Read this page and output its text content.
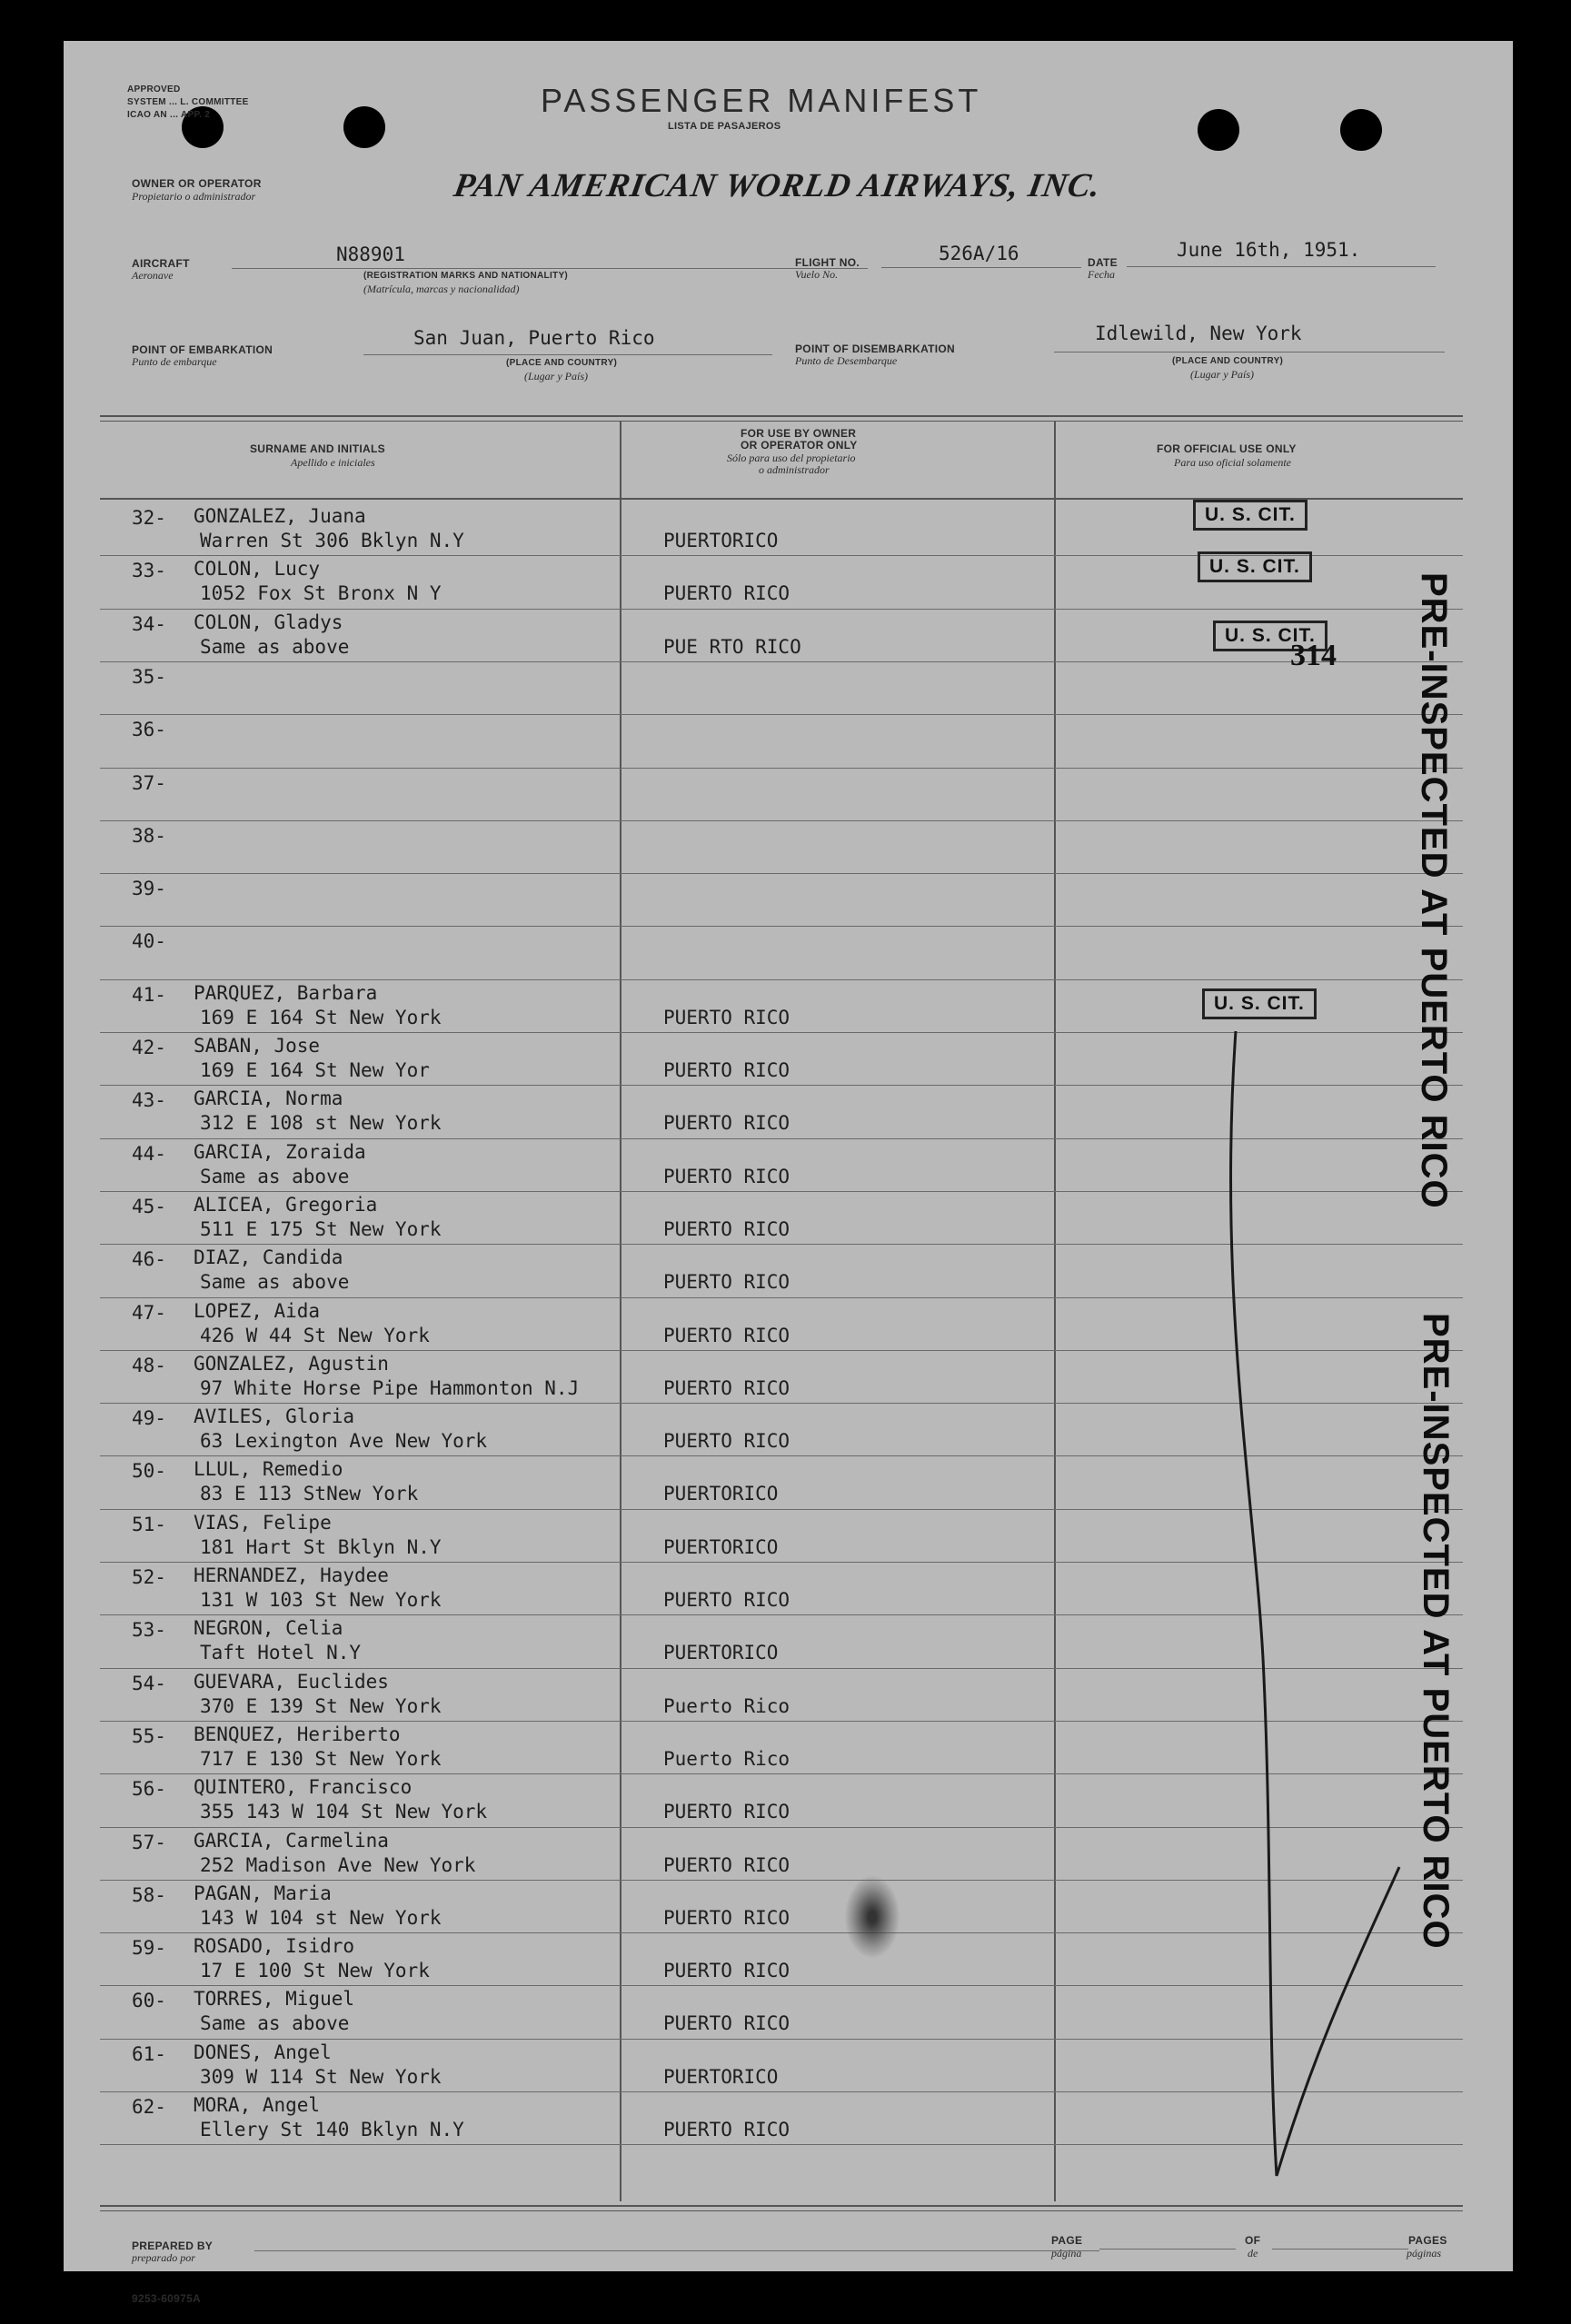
APPROVED
SYSTEM ... L. COMMITTEE
ICAO AN ... APP. 2	PASSENGER MANIFEST
LISTA DE PASAJEROS
OWNER OR OPERATOR
Propietario o administrador	PAN AMERICAN WORLD AIRWAYS, INC.
AIRCRAFT
Aeronave
N88901
(REGISTRATION MARKS AND NATIONALITY)
(Matrícula, marcas y nacionalidad)
FLIGHT NO.
Vuelo No.
526A/16	DATE
Fecha
June 16th, 1951.
POINT OF EMBARKATION
Punto de embarque
San Juan, Puerto Rico
(PLACE AND COUNTRY)
(Lugar y País)
POINT OF DISEMBARKATION
Punto de Desembarque
Idlewild, New York
(PLACE AND COUNTRY)
(Lugar y País)
SURNAME AND INITIALS
Apellido e iniciales
FOR USE BY OWNER
OR OPERATOR ONLY
Sólo para uso del propietario
o administrador
FOR OFFICIAL USE ONLY
Para uso oficial solamente
32- GONZALEZ, Juana
Warren St 306 Bklyn N.Y	PUERTORICO
33- COLON, Lucy
1052 Fox St Bronx N Y	PUERTO RICO
34- COLON, Gladys
Same as above	PUE RTO RICO
35-
36-
37-
38-
39-
40-
41- PARQUEZ, Barbara
169 E 164 St New York	PUERTO RICO
42- SABAN, Jose
169 E 164 St New Yor	PUERTO RICO
43- GARCIA, Norma
312 E 108 st New York	PUERTO RICO
44- GARCIA, Zoraida
Same as above	PUERTO RICO
45- ALICEA, Gregoria
511 E 175 St New York	PUERTO RICO
46- DIAZ, Candida
Same as above	PUERTO RICO
47- LOPEZ, Aida
426 W 44 St New York	PUERTO RICO
48- GONZALEZ, Agustin
97 White Horse Pipe Hammonton N.J	PUERTO RICO
49- AVILES, Gloria
63 Lexington Ave New York	PUERTO RICO
50- LLUL, Remedio
83 E 113 StNew York	PUERTORICO
51- VIAS, Felipe
181 Hart St Bklyn N.Y	PUERTORICO
52- HERNANDEZ, Haydee
131 W 103 St New York	PUERTO RICO
53- NEGRON, Celia
Taft Hotel N.Y	PUERTORICO
54- GUEVARA, Euclides
370 E 139 St New York	Puerto Rico
55- BENQUEZ, Heriberto
717 E 130 St New York	Puerto Rico
56- QUINTERO, Francisco
355 143 W 104 St New York	PUERTO RICO
57- GARCIA, Carmelina
252 Madison Ave New York	PUERTO RICO
58- PAGAN, Maria
143 W 104 st New York	PUERTO RICO
59- ROSADO, Isidro
17 E 100 St New York	PUERTO RICO
60- TORRES, Miguel
Same as above	PUERTO RICO
61- DONES, Angel
309 W 114 St New York	PUERTORICO
62- MORA, Angel
Ellery St 140 Bklyn N.Y	PUERTO RICO
U. S. CIT.
U. S. CIT.
U. S. CIT.
314
U. S. CIT.	PRE-INSPECTED AT PUERTO RICO
PRE-INSPECTED AT PUERTO RICO
PREPARED BY
preparado por
PAGE
página
OF
de
PAGES
páginas
9253-60975A
